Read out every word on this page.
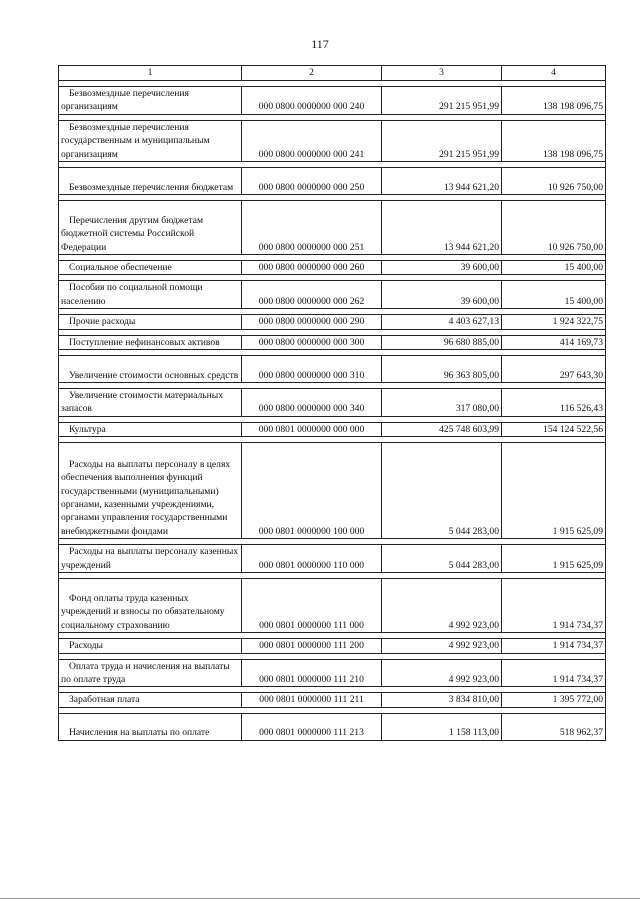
117
1	2	3	4

Безвозмездные перечисления организациям	000 0800 0000000 000 240	291 215 951,99	138 198 096,75

Безвозмездные перечисления государственным и муниципальным организациям	000 0800 0000000 000 241	291 215 951,99	138 198 096,75

Безвозмездные перечисления бюджетам	000 0800 0000000 000 250	13 944 621,20	10 926 750,00

Перечисления другим бюджетам бюджетной системы Российской Федерации	000 0800 0000000 000 251	13 944 621,20	10 926 750,00

Социальное обеспечение	000 0800 0000000 000 260	39 600,00	15 400,00

Пособия по социальной помощи населению	000 0800 0000000 000 262	39 600,00	15 400,00

Прочие расходы	000 0800 0000000 000 290	4 403 627,13	1 924 322,75

Поступление нефинансовых активов	000 0800 0000000 000 300	96 680 885,00	414 169,73

Увеличение стоимости основных средств	000 0800 0000000 000 310	96 363 805,00	297 643,30

Увеличение стоимости материальных запасов	000 0800 0000000 000 340	317 080,00	116 526,43

Культура	000 0801 0000000 000 000	425 748 603,99	154 124 522,56

Расходы на выплаты персоналу в целях обеспечения выполнения функций государственными (муниципальными) органами, казенными учреждениями, органами управления государственными внебюджетными фондами	000 0801 0000000 100 000	5 044 283,00	1 915 625,09

Расходы на выплаты персоналу казенных учреждений	000 0801 0000000 110 000	5 044 283,00	1 915 625,09

Фонд оплаты труда казенных учреждений и взносы по обязательному социальному страхованию	000 0801 0000000 111 000	4 992 923,00	1 914 734,37

Расходы	000 0801 0000000 111 200	4 992 923,00	1 914 734,37

Оплата труда и начисления на выплаты по оплате труда	000 0801 0000000 111 210	4 992 923,00	1 914 734,37

Заработная плата	000 0801 0000000 111 211	3 834 810,00	1 395 772,00

Начисления на выплаты по оплате	000 0801 0000000 111 213	1 158 113,00	518 962,37
